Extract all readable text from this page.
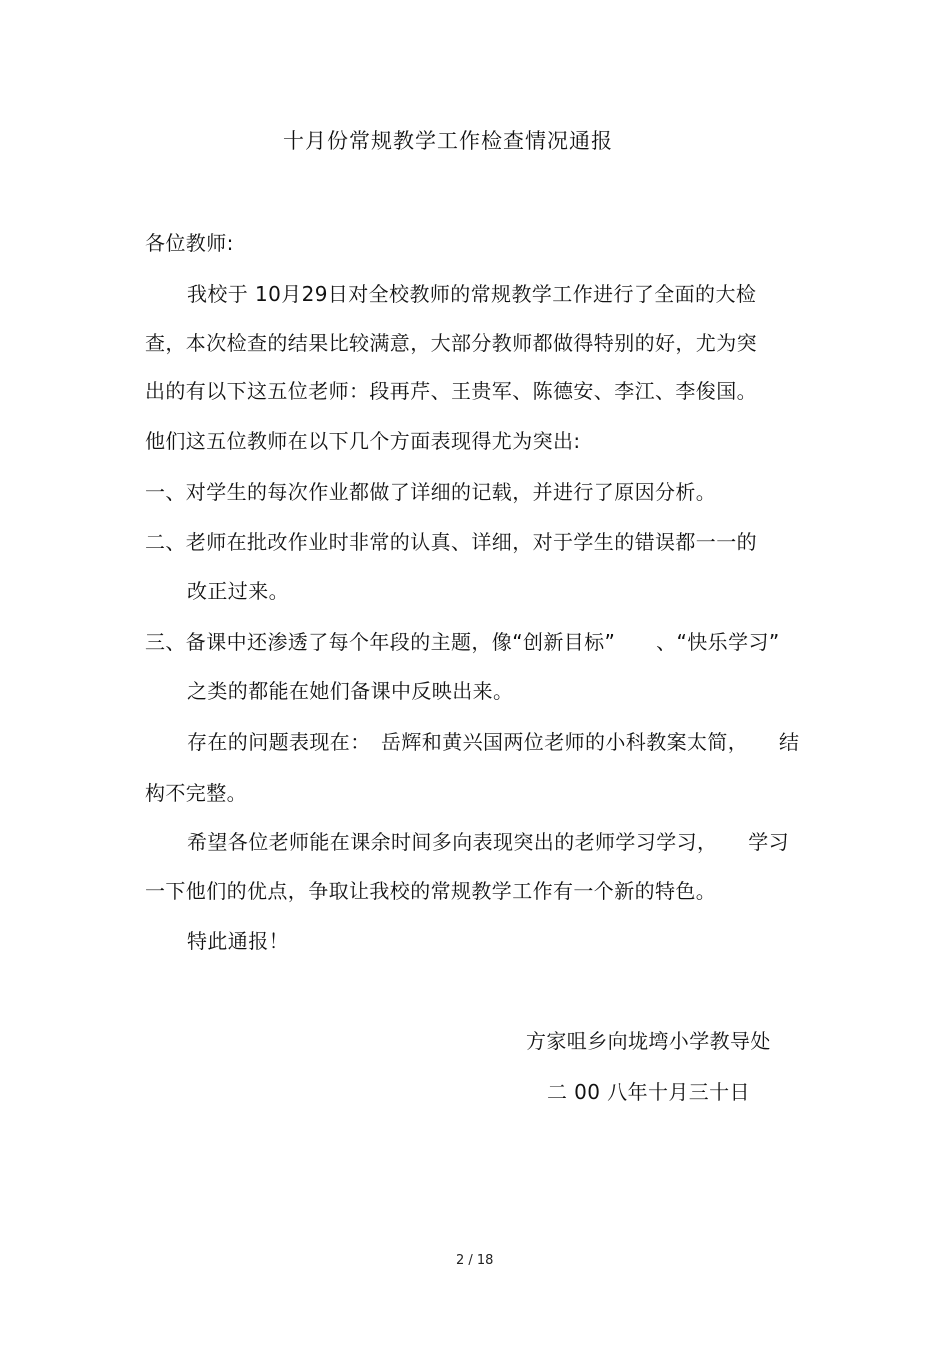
十月份常规教学工作检查情况通报
各位教师:
我校于 10月29日对全校教师的常规教学工作进行了全面的大检
查，本次检查的结果比较满意，大部分教师都做得特别的好，尤为突
出的有以下这五位老师：段再芹、王贵军、陈德安、李江、李俊国。
他们这五位教师在以下几个方面表现得尤为突出:
一、对学生的每次作业都做了详细的记载，并进行了原因分析。
二、老师在批改作业时非常的认真、详细，对于学生的错误都一一的
改正过来。
三、备课中还渗透了每个年段的主题，像“创新目标”　　、“快乐学习”
之类的都能在她们备课中反映出来。
存在的问题表现在：　岳辉和黄兴国两位老师的小科教案太简，　　结
构不完整。
希望各位老师能在课余时间多向表现突出的老师学习学习，　　学习
一下他们的优点，争取让我校的常规教学工作有一个新的特色。
特此通报！
方家咀乡向垅塆小学教导处
二 00 八年十月三十日
2 / 18
